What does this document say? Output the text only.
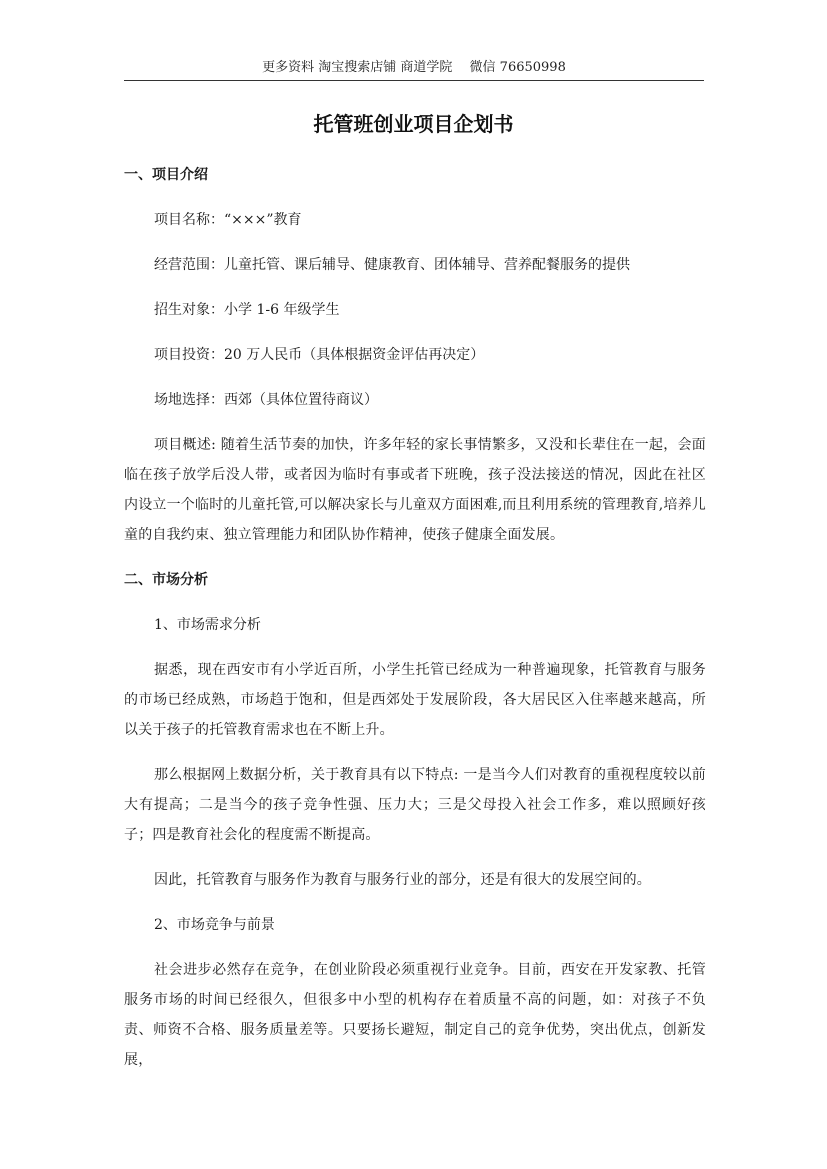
更多资料 淘宝搜索店铺 商道学院　 微信 76650998
托管班创业项目企划书
一、项目介绍
项目名称：“×××”教育
经营范围：儿童托管、课后辅导、健康教育、团体辅导、营养配餐服务的提供
招生对象：小学 1-6 年级学生
项目投资：20 万人民币（具体根据资金评估再决定）
场地选择：西郊（具体位置待商议）
项目概述: 随着生活节奏的加快，许多年轻的家长事情繁多，又没和长辈住在一起，会面临在孩子放学后没人带，或者因为临时有事或者下班晚，孩子没法接送的情况，因此在社区内设立一个临时的儿童托管,可以解决家长与儿童双方面困难,而且利用系统的管理教育,培养儿童的自我约束、独立管理能力和团队协作精神，使孩子健康全面发展。
二、市场分析
1、市场需求分析
据悉，现在西安市有小学近百所，小学生托管已经成为一种普遍现象，托管教育与服务的市场已经成熟，市场趋于饱和，但是西郊处于发展阶段，各大居民区入住率越来越高，所以关于孩子的托管教育需求也在不断上升。
那么根据网上数据分析，关于教育具有以下特点: 一是当今人们对教育的重视程度较以前大有提高；二是当今的孩子竞争性强、压力大；三是父母投入社会工作多，难以照顾好孩子；四是教育社会化的程度需不断提高。
因此，托管教育与服务作为教育与服务行业的部分，还是有很大的发展空间的。
2、市场竞争与前景
社会进步必然存在竞争，在创业阶段必须重视行业竞争。目前，西安在开发家教、托管服务市场的时间已经很久，但很多中小型的机构存在着质量不高的问题，如：对孩子不负责、师资不合格、服务质量差等。只要扬长避短，制定自己的竞争优势，突出优点，创新发展，
